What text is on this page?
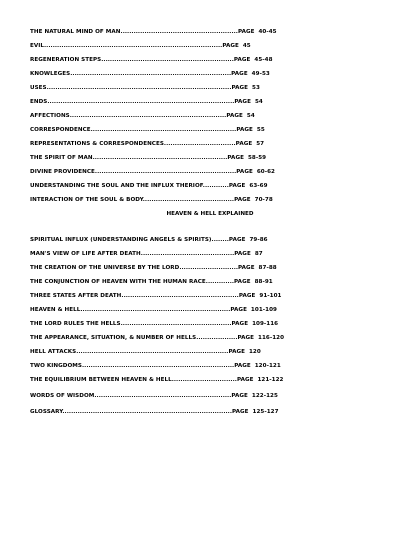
THE NATURAL MIND OF MAN......................................................PAGE  40-45
EVIL..................................................................................PAGE  45
REGENERATION STEPS.............................................................PAGE  45-48
KNOWLEGES..........................................................................PAGE  49-53
USES.....................................................................................PAGE  53
ENDS......................................................................................PAGE  54
AFFECTIONS........................................................................PAGE  54
CORRESPONDENCE...................................................................PAGE  55
REPRESENTATIONS & CORRESPONDENCES.................................PAGE  57
THE SPIRIT OF MAN..............................................................PAGE  58-59
DIVINE PROVIDENCE.................................................................PAGE  60-62
UNDERSTANDING THE SOUL AND THE INFLUX THERIOF............PAGE  63-69
INTERACTION OF THE SOUL & BODY..........................................PAGE  70-78
HEAVEN & HELL EXPLAINED
SPIRITUAL INFLUX (UNDERSTANDING ANGELS & SPIRITS)........PAGE  79-86
MAN'S VIEW OF LIFE AFTER DEATH...........................................PAGE  87
THE CREATION OF THE UNIVERSE BY THE LORD...........................PAGE  87-88
THE CONJUNCTION OF HEAVEN WITH THE HUMAN RACE.............PAGE  88-91
THREE STATES AFTER DEATH......................................................PAGE  91-101
HEAVEN & HELL.....................................................................PAGE  101-109
THE LORD RULES THE HELLS...................................................PAGE  109-116
THE APPEARANCE, SITUATION, & NUMBER OF HELLS...................PAGE  116-120
HELL ATTACKS......................................................................PAGE  120
TWO KINGDOMS......................................................................PAGE  120-121
THE EQUILIBRIUM BETWEEN HEAVEN & HELL..............................PAGE  121-122
WORDS OF WISDOM...............................................................PAGE  122-125
GLOSSARY..............................................................................PAGE  125-127
